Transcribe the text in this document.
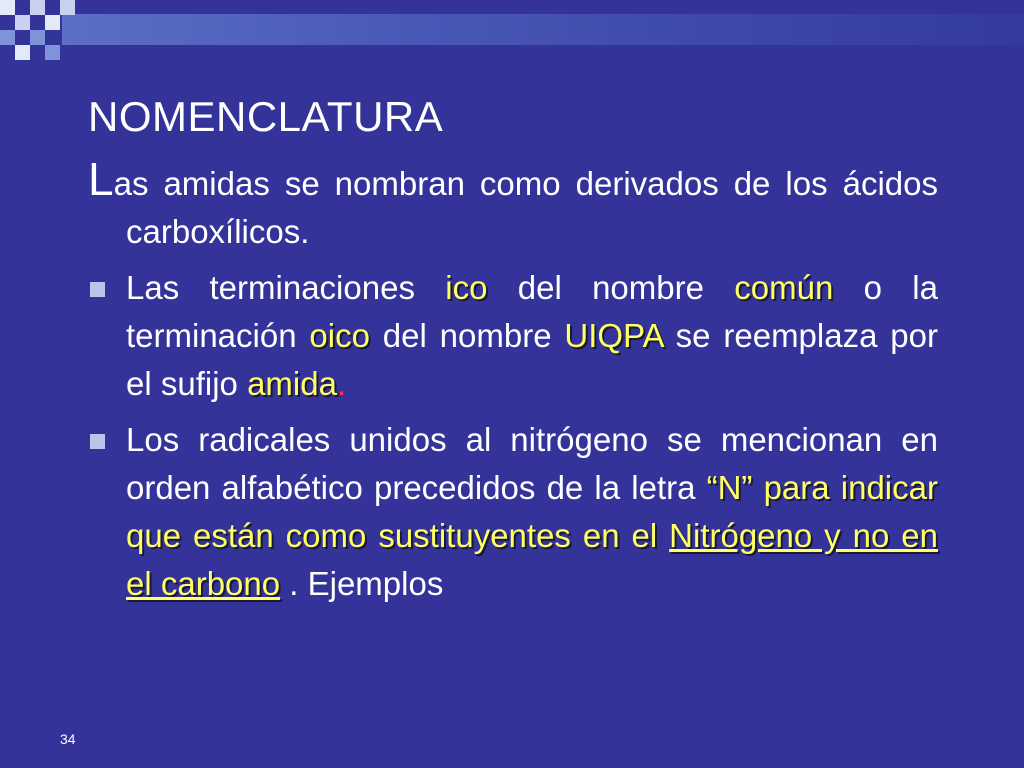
NOMENCLATURA

Las amidas se nombran como derivados de los ácidos carboxílicos.

Las terminaciones ico del nombre común o la terminación oico del nombre UIQPA se reemplaza por el sufijo amida.
Los radicales unidos al nitrógeno se mencionan en orden alfabético precedidos de la letra “N” para indicar que están como sustituyentes en el Nitrógeno y no en el carbono . Ejemplos
34
